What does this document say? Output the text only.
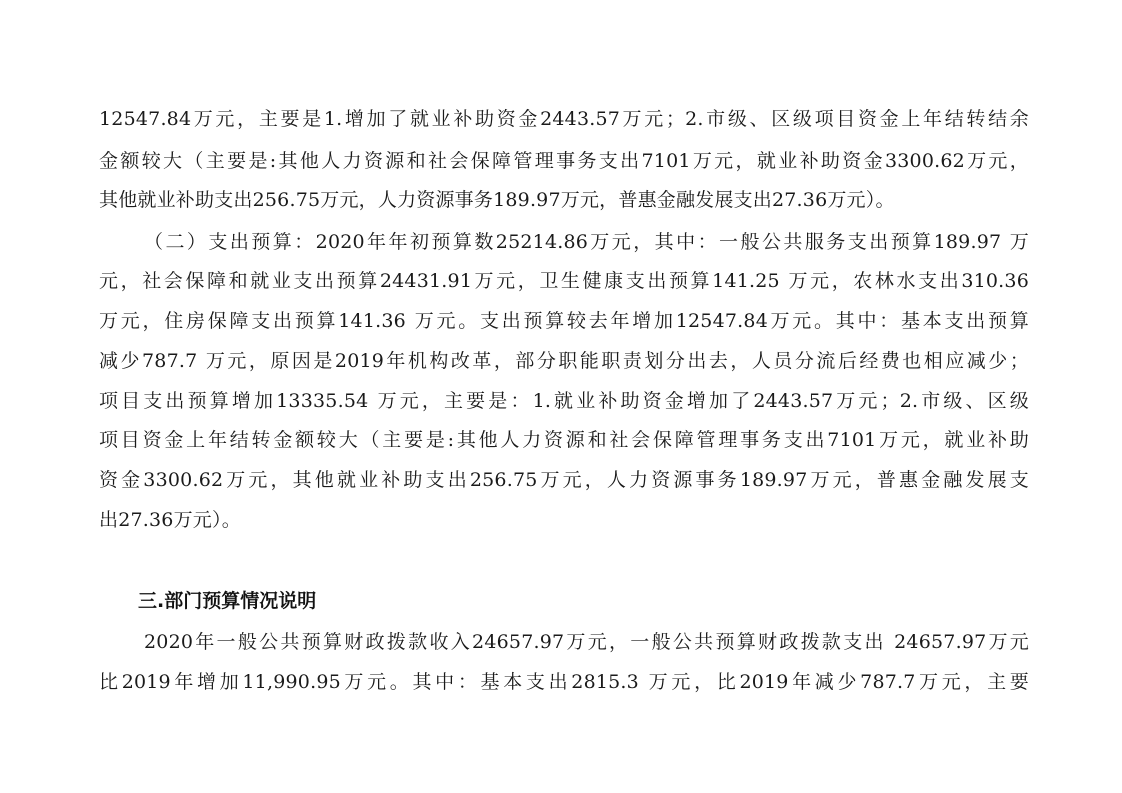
12547.84万元，主要是1.增加了就业补助资金2443.57万元；2.市级、区级项目资金上年结转结余
金额较大（主要是:其他人力资源和社会保障管理事务支出7101万元，就业补助资金3300.62万元，
其他就业补助支出256.75万元，人力资源事务189.97万元，普惠金融发展支出27.36万元）。
（二）支出预算：2020年年初预算数25214.86万元，其中：一般公共服务支出预算189.97 万
元，社会保障和就业支出预算24431.91万元，卫生健康支出预算141.25 万元，农林水支出310.36
万元，住房保障支出预算141.36 万元。支出预算较去年增加12547.84万元。其中：基本支出预算
减少787.7 万元，原因是2019年机构改革，部分职能职责划分出去，人员分流后经费也相应减少；
项目支出预算增加13335.54 万元，主要是：1.就业补助资金增加了2443.57万元；2.市级、区级
项目资金上年结转金额较大（主要是:其他人力资源和社会保障管理事务支出7101万元，就业补助
资金3300.62万元，其他就业补助支出256.75万元，人力资源事务189.97万元，普惠金融发展支
出27.36万元）。
三.部门预算情况说明
2020年一般公共预算财政拨款收入24657.97万元，一般公共预算财政拨款支出 24657.97万元
比2019年增加11,990.95万元。其中：基本支出2815.3 万元，比2019年减少787.7万元，主要
